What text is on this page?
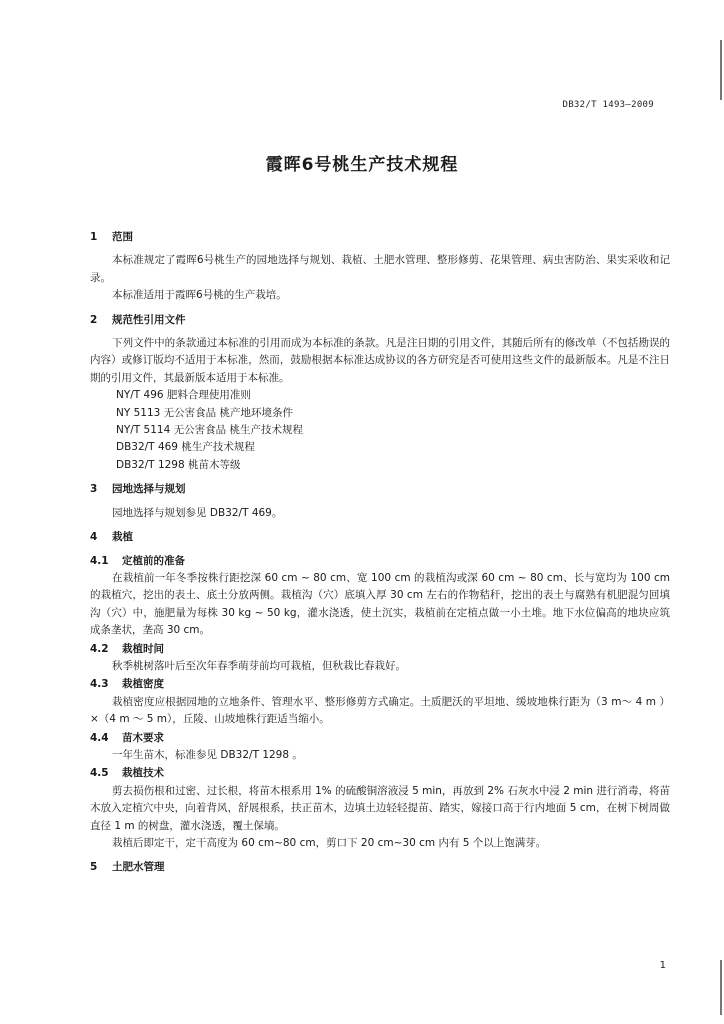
DB32/T 1493—2009
霞晖6号桃生产技术规程
1 范围
本标准规定了霞晖6号桃生产的园地选择与规划、栽植、土肥水管理、整形修剪、花果管理、病虫害防治、果实采收和记录。
本标准适用于霞晖6号桃的生产栽培。
2 规范性引用文件
下列文件中的条款通过本标准的引用而成为本标准的条款。凡是注日期的引用文件，其随后所有的修改单（不包括勘误的内容）或修订版均不适用于本标准，然而，鼓励根据本标准达成协议的各方研究是否可使用这些文件的最新版本。凡是不注日期的引用文件，其最新版本适用于本标准。
NY/T 496 肥料合理使用准则
NY 5113 无公害食品 桃产地环境条件
NY/T 5114 无公害食品 桃生产技术规程
DB32/T 469 桃生产技术规程
DB32/T 1298 桃苗木等级
3 园地选择与规划
园地选择与规划参见 DB32/T 469。
4 栽植
4.1 定植前的准备
在栽植前一年冬季按株行距挖深 60 cm ~ 80 cm、宽 100 cm 的栽植沟或深 60 cm ~ 80 cm、长与宽均为 100 cm 的栽植穴，挖出的表土、底土分放两侧。栽植沟（穴）底填入厚 30 cm 左右的作物秸秆，挖出的表土与腐熟有机肥混匀回填沟（穴）中，施肥量为每株 30 kg ~ 50 kg，灌水浇透，使土沉实，栽植前在定植点做一小土堆。地下水位偏高的地块应筑成条垄状，垄高 30 cm。
4.2 栽植时间
秋季桃树落叶后至次年春季萌芽前均可栽植，但秋栽比春栽好。
4.3 栽植密度
栽植密度应根据园地的立地条件、管理水平、整形修剪方式确定。土质肥沃的平坦地、缓坡地株行距为（3 m～ 4 m ）×（4 m ～ 5 m），丘陵、山坡地株行距适当缩小。
4.4 苗木要求
一年生苗木，标准参见 DB32/T 1298 。
4.5 栽植技术
剪去损伤根和过密、过长根，将苗木根系用 1% 的硫酸铜溶液浸 5 min，再放到 2% 石灰水中浸 2 min 进行消毒，将苗木放入定植穴中央，向着背风，舒展根系，扶正苗木，边填土边轻轻提苗、踏实，嫁接口高于行内地面 5 cm，在树下树周做直径 1 m 的树盘，灌水浇透，覆土保墒。
栽植后即定干，定干高度为 60 cm~80 cm，剪口下 20 cm~30 cm 内有 5 个以上饱满芽。
5 土肥水管理
1
